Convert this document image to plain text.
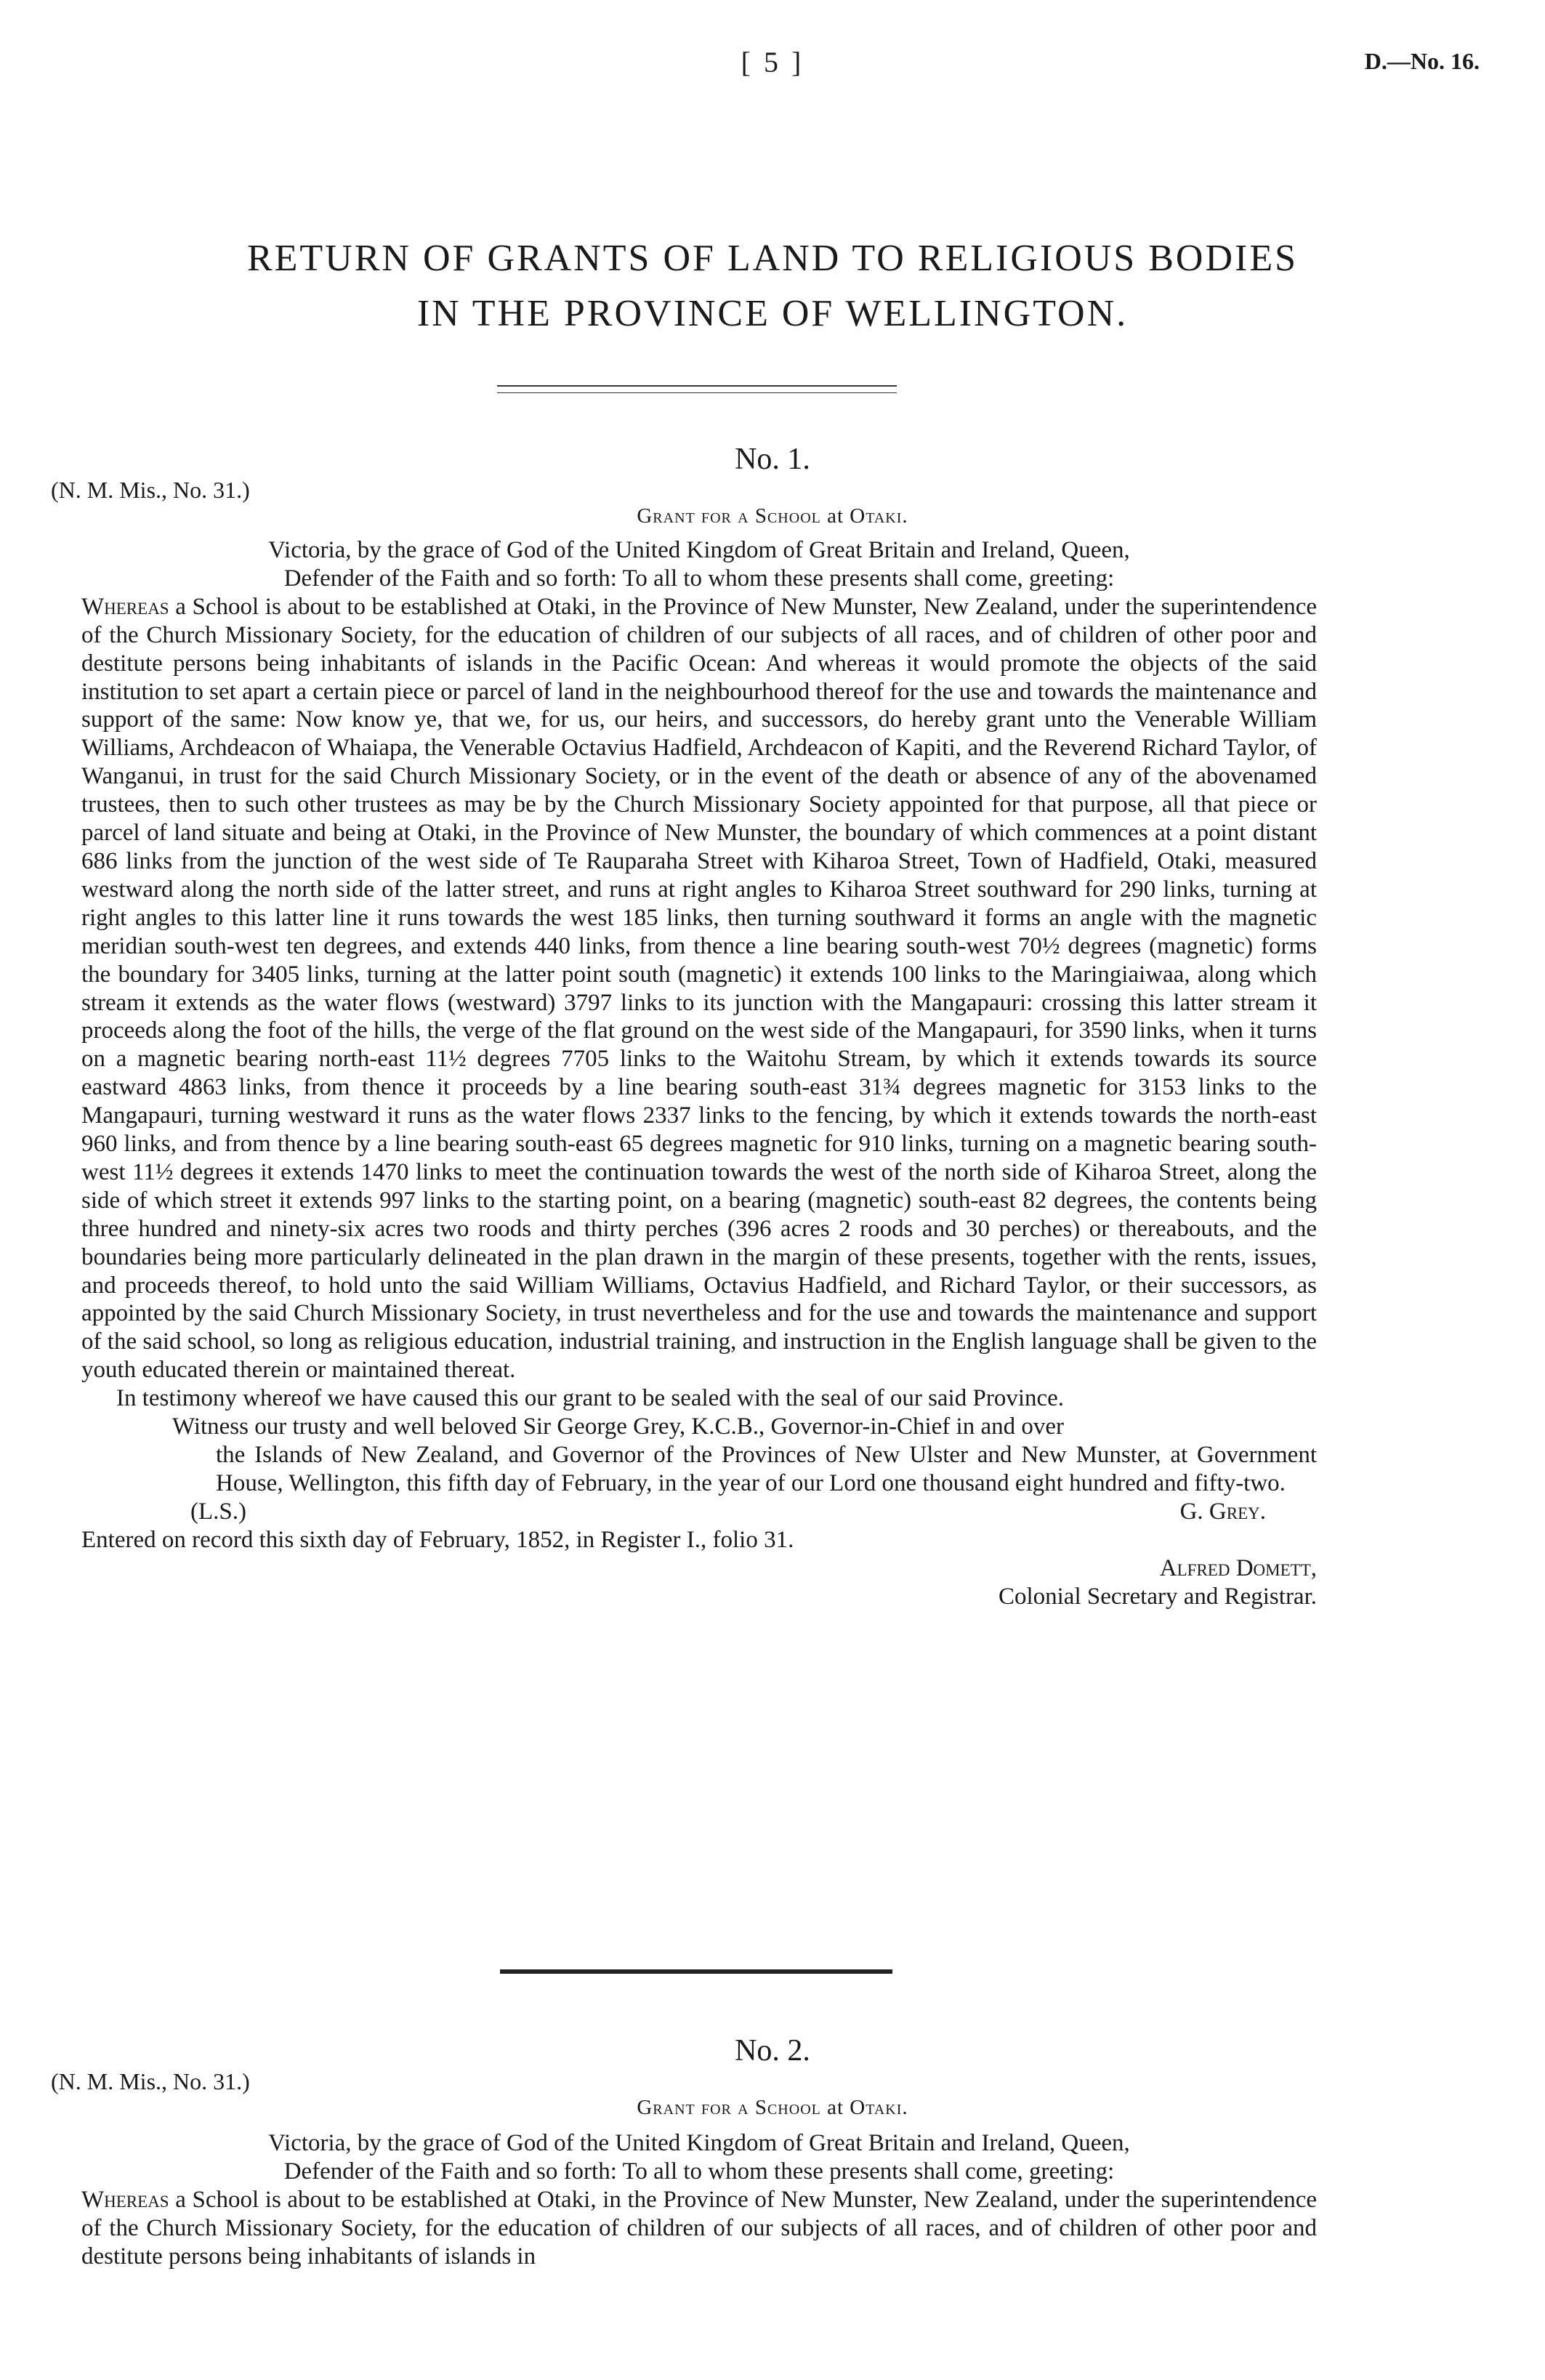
[ 5 ]	D.—No. 16.
RETURN OF GRANTS OF LAND TO RELIGIOUS BODIES
IN THE PROVINCE OF WELLINGTON.
No. 1.
(N. M. Mis., No. 31.)
Grant for a School at Otaki.

Victoria, by the grace of God of the United Kingdom of Great Britain and Ireland, Queen,

Defender of the Faith and so forth: To all to whom these presents shall come, greeting:

Whereas a School is about to be established at Otaki, in the Province of New Munster, New Zealand, under the superintendence of the Church Missionary Society, for the education of children of our subjects of all races, and of children of other poor and destitute persons being inhabitants of islands in the Pacific Ocean: And whereas it would promote the objects of the said institution to set apart a certain piece or parcel of land in the neighbourhood thereof for the use and towards the maintenance and support of the same: Now know ye, that we, for us, our heirs, and successors, do hereby grant unto the Venerable William Williams, Archdeacon of Whaiapa, the Venerable Octavius Hadfield, Archdeacon of Kapiti, and the Reverend Richard Taylor, of Wanganui, in trust for the said Church Missionary Society, or in the event of the death or absence of any of the abovenamed trustees, then to such other trustees as may be by the Church Missionary Society appointed for that purpose, all that piece or parcel of land situate and being at Otaki, in the Province of New Munster, the boundary of which commences at a point distant 686 links from the junction of the west side of Te Rauparaha Street with Kiharoa Street, Town of Hadfield, Otaki, measured westward along the north side of the latter street, and runs at right angles to Kiharoa Street southward for 290 links, turning at right angles to this latter line it runs towards the west 185 links, then turning southward it forms an angle with the magnetic meridian south-west ten degrees, and extends 440 links, from thence a line bearing south-west 70½ degrees (magnetic) forms the boundary for 3405 links, turning at the latter point south (magnetic) it extends 100 links to the Maringiaiwaa, along which stream it extends as the water flows (westward) 3797 links to its junction with the Mangapauri: crossing this latter stream it proceeds along the foot of the hills, the verge of the flat ground on the west side of the Mangapauri, for 3590 links, when it turns on a magnetic bearing north-east 11½ degrees 7705 links to the Waitohu Stream, by which it extends towards its source eastward 4863 links, from thence it proceeds by a line bearing south-east 31¾ degrees magnetic for 3153 links to the Mangapauri, turning westward it runs as the water flows 2337 links to the fencing, by which it extends towards the north-east 960 links, and from thence by a line bearing south-east 65 degrees magnetic for 910 links, turning on a magnetic bearing south-west 11½ degrees it extends 1470 links to meet the continuation towards the west of the north side of Kiharoa Street, along the side of which street it extends 997 links to the starting point, on a bearing (magnetic) south-east 82 degrees, the contents being three hundred and ninety-six acres two roods and thirty perches (396 acres 2 roods and 30 perches) or thereabouts, and the boundaries being more particularly delineated in the plan drawn in the margin of these presents, together with the rents, issues, and proceeds thereof, to hold unto the said William Williams, Octavius Hadfield, and Richard Taylor, or their successors, as appointed by the said Church Missionary Society, in trust nevertheless and for the use and towards the maintenance and support of the said school, so long as religious education, industrial training, and instruction in the English language shall be given to the youth educated therein or maintained thereat.

In testimony whereof we have caused this our grant to be sealed with the seal of our said Province.

Witness our trusty and well beloved Sir George Grey, K.C.B., Governor-in-Chief in and over

the Islands of New Zealand, and Governor of the Provinces of New Ulster and New Munster, at Government House, Wellington, this fifth day of February, in the year of our Lord one thousand eight hundred and fifty-two.

(L.S.)	G. Grey.

Entered on record this sixth day of February, 1852, in Register I., folio 31.

Alfred Domett,

Colonial Secretary and Registrar.

No. 2.
(N. M. Mis., No. 31.)
Grant for a School at Otaki.

Victoria, by the grace of God of the United Kingdom of Great Britain and Ireland, Queen,

Defender of the Faith and so forth: To all to whom these presents shall come, greeting:

Whereas a School is about to be established at Otaki, in the Province of New Munster, New Zealand, under the superintendence of the Church Missionary Society, for the education of children of our subjects of all races, and of children of other poor and destitute persons being inhabitants of islands in
